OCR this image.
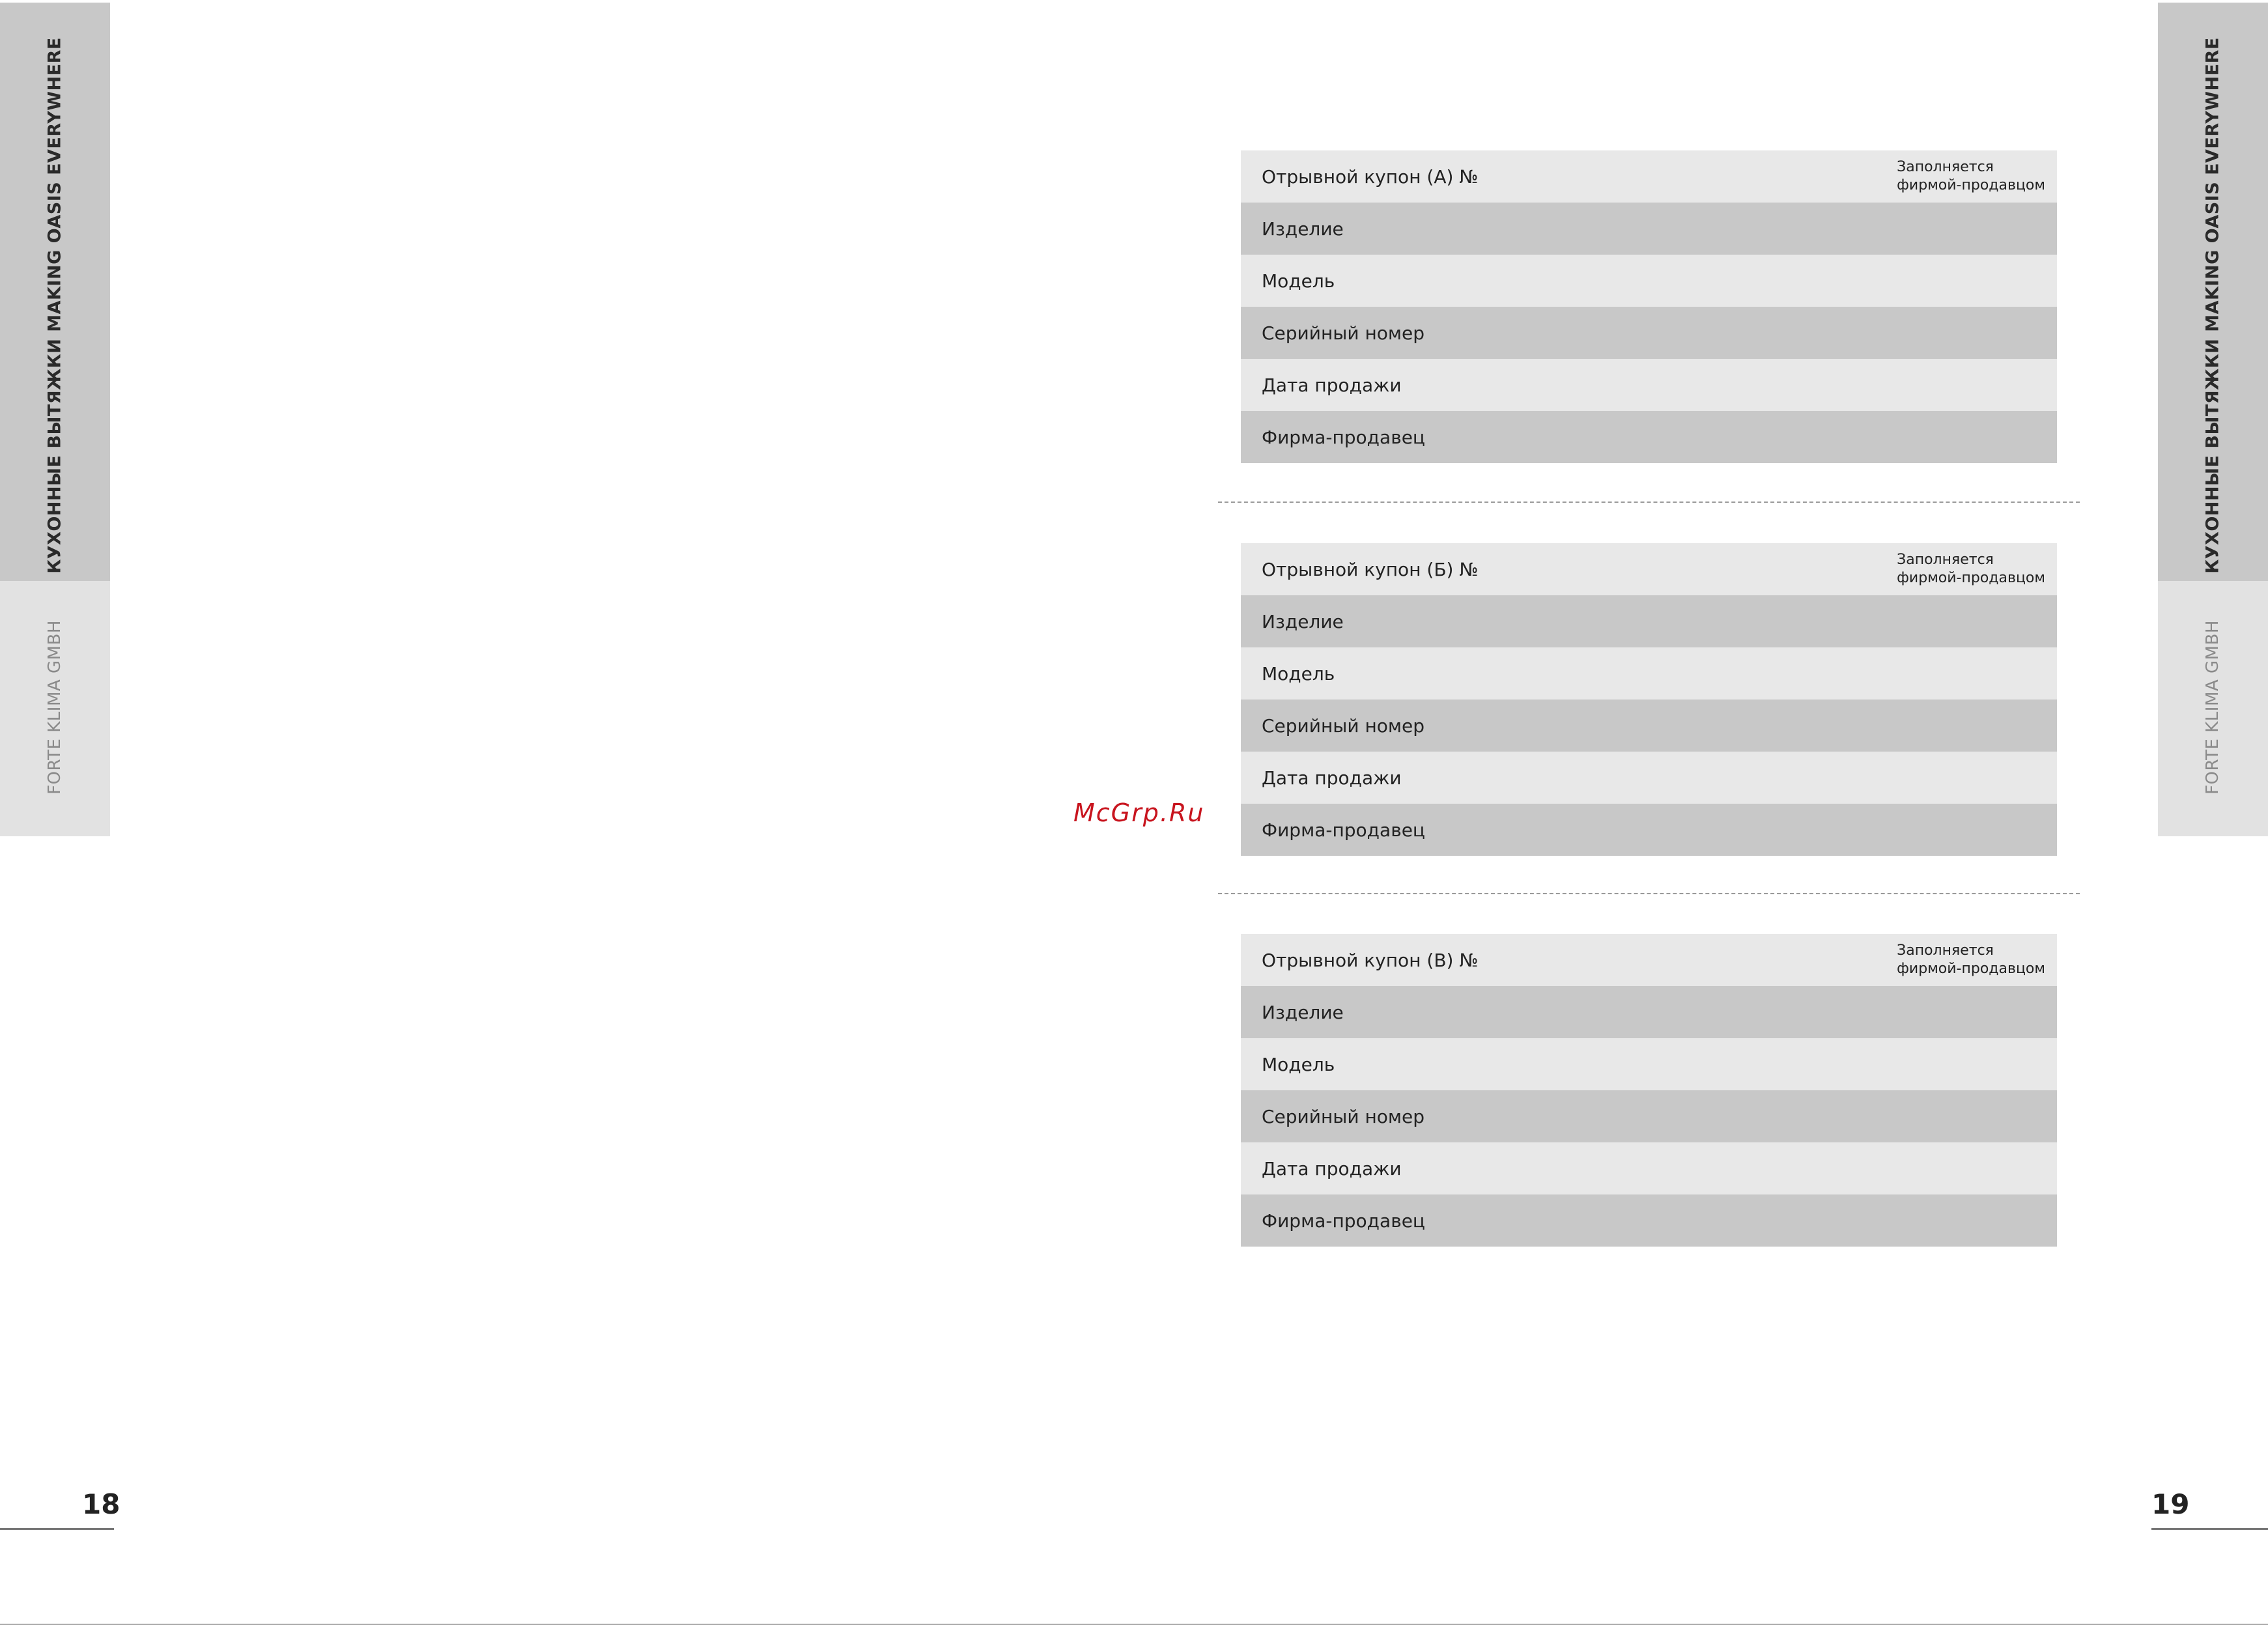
КУХОННЫЕ ВЫТЯЖКИ MAKING OASIS EVERYWHERE
FORTE KLIMA GMBH
КУХОННЫЕ ВЫТЯЖКИ MAKING OASIS EVERYWHERE
FORTE KLIMA GMBH
18	19
McGrp.Ru
Отрывной купон (А) №	Заполняется
фирмой-продавцом
Изделие
Модель
Серийный номер
Дата продажи
Фирма-продавец
Отрывной купон (Б) №	Заполняется
фирмой-продавцом
Изделие
Модель
Серийный номер
Дата продажи
Фирма-продавец
Отрывной купон (В) №	Заполняется
фирмой-продавцом
Изделие
Модель
Серийный номер
Дата продажи
Фирма-продавец
